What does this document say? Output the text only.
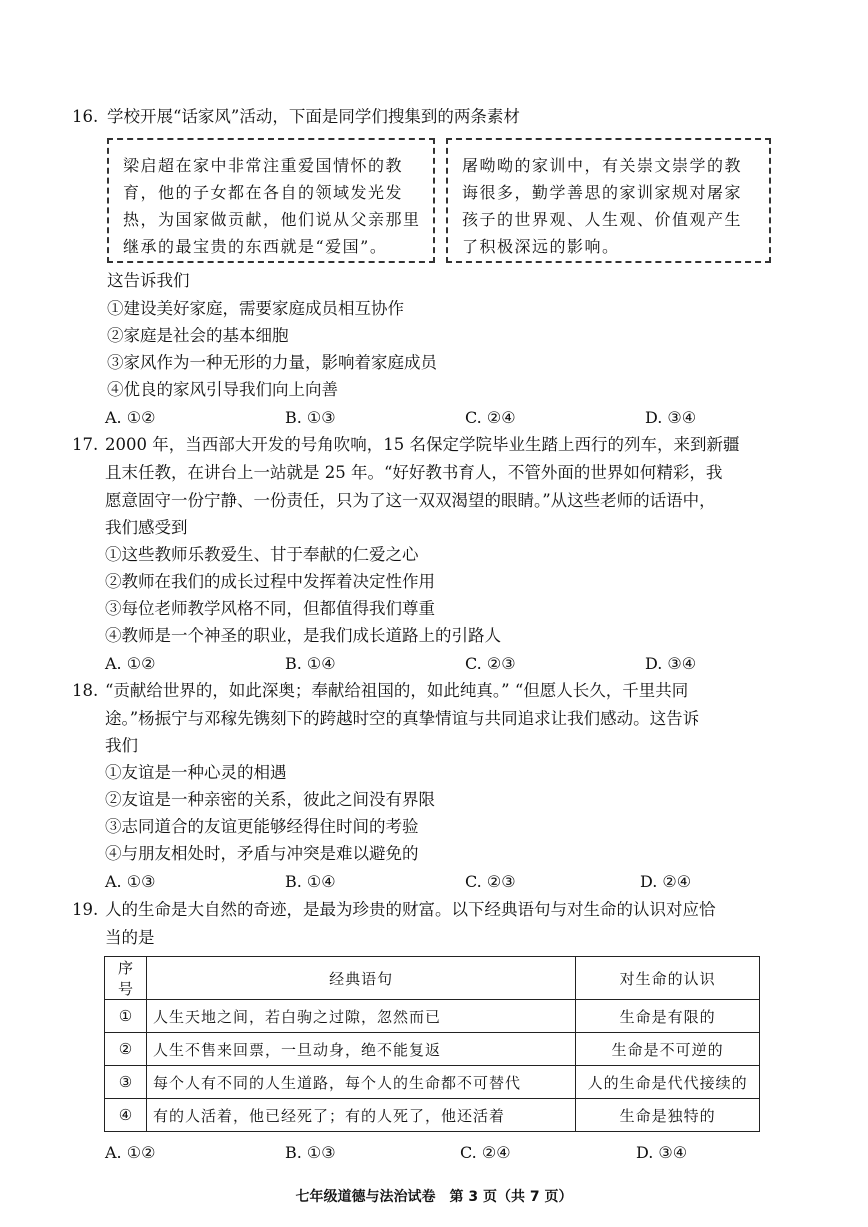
16. 学校开展“话家风”活动，下面是同学们搜集到的两条素材
梁启超在家中非常注重爱国情怀的教育，他的子女都在各自的领域发光发热，为国家做贡献，他们说从父亲那里继承的最宝贵的东西就是“爱国”。
屠呦呦的家训中，有关崇文崇学的教诲很多，勤学善思的家训家规对屠家孩子的世界观、人生观、价值观产生了积极深远的影响。
这告诉我们
①建设美好家庭，需要家庭成员相互协作
②家庭是社会的基本细胞
③家风作为一种无形的力量，影响着家庭成员
④优良的家风引导我们向上向善
A. ①②	B. ①③	C. ②④	D. ③④
17. 2000 年，当西部大开发的号角吹响，15 名保定学院毕业生踏上西行的列车，来到新疆
且末任教，在讲台上一站就是 25 年。“好好教书育人，不管外面的世界如何精彩，我
愿意固守一份宁静、一份责任，只为了这一双双渴望的眼睛。”从这些老师的话语中，
我们感受到
①这些教师乐教爱生、甘于奉献的仁爱之心
②教师在我们的成长过程中发挥着决定性作用
③每位老师教学风格不同，但都值得我们尊重
④教师是一个神圣的职业，是我们成长道路上的引路人
A. ①②	B. ①④	C. ②③	D. ③④
18. “贡献给世界的，如此深奥；奉献给祖国的，如此纯真。” “但愿人长久，千里共同
途。”杨振宁与邓稼先镌刻下的跨越时空的真挚情谊与共同追求让我们感动。这告诉
我们
①友谊是一种心灵的相遇
②友谊是一种亲密的关系，彼此之间没有界限
③志同道合的友谊更能够经得住时间的考验
④与朋友相处时，矛盾与冲突是难以避免的
A. ①③	B. ①④	C. ②③	D. ②④
19. 人的生命是大自然的奇迹，是最为珍贵的财富。以下经典语句与对生命的认识对应恰
当的是
序号	经典语句	对生命的认识
①	人生天地之间，若白驹之过隙，忽然而已	生命是有限的
②	人生不售来回票，一旦动身，绝不能复返	生命是不可逆的
③	每个人有不同的人生道路，每个人的生命都不可替代	人的生命是代代接续的
④	有的人活着，他已经死了；有的人死了，他还活着	生命是独特的
A. ①②	B. ①③	C. ②④	D. ③④
七年级道德与法治试卷　第 3 页（共 7 页）
